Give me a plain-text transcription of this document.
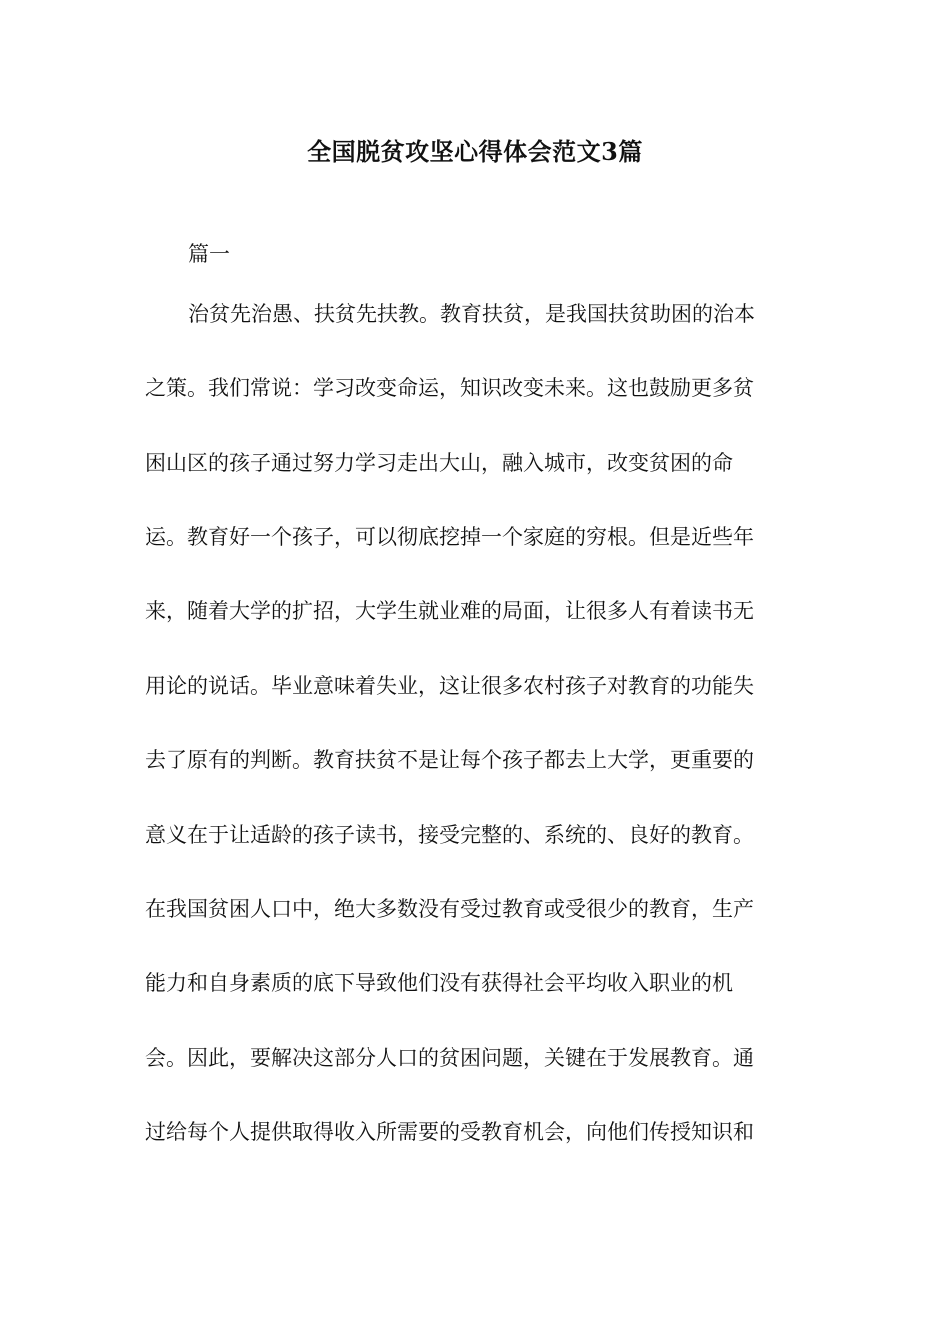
全国脱贫攻坚心得体会范文3篇
篇一
治贫先治愚、扶贫先扶教。教育扶贫，是我国扶贫助困的治本
之策。我们常说：学习改变命运，知识改变未来。这也鼓励更多贫
困山区的孩子通过努力学习走出大山，融入城市，改变贫困的命
运。教育好一个孩子，可以彻底挖掉一个家庭的穷根。但是近些年
来，随着大学的扩招，大学生就业难的局面，让很多人有着读书无
用论的说话。毕业意味着失业，这让很多农村孩子对教育的功能失
去了原有的判断。教育扶贫不是让每个孩子都去上大学，更重要的
意义在于让适龄的孩子读书，接受完整的、系统的、良好的教育。
在我国贫困人口中，绝大多数没有受过教育或受很少的教育，生产
能力和自身素质的底下导致他们没有获得社会平均收入职业的机
会。因此，要解决这部分人口的贫困问题，关键在于发展教育。通
过给每个人提供取得收入所需要的受教育机会，向他们传授知识和
